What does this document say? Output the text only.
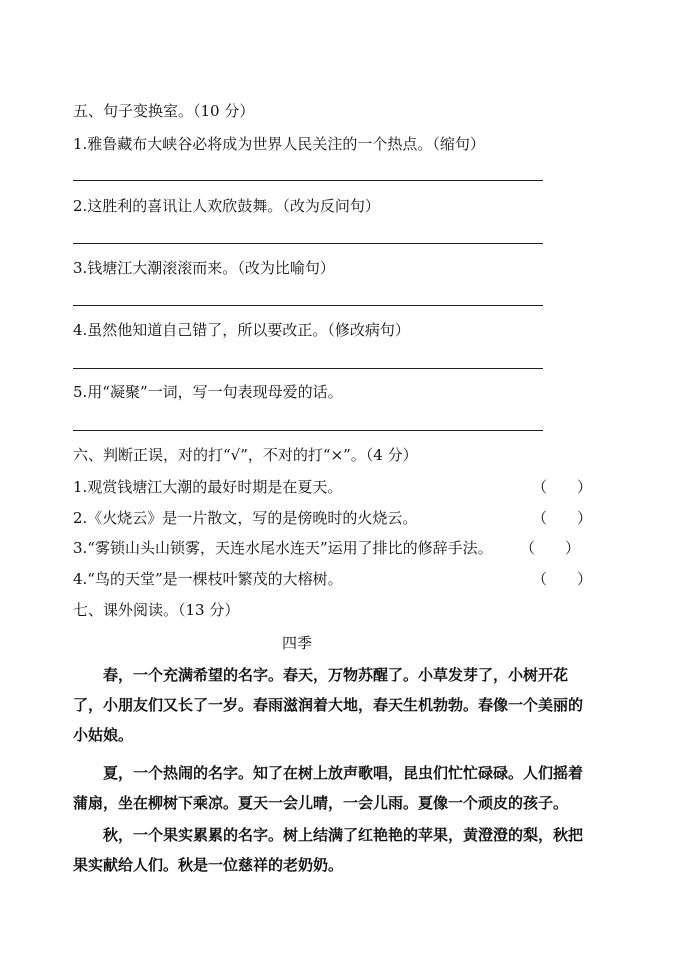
五、句子变换室。（10 分）
1.雅鲁藏布大峡谷必将成为世界人民关注的一个热点。（缩句）
2.这胜利的喜讯让人欢欣鼓舞。（改为反问句）
3.钱塘江大潮滚滚而来。（改为比喻句）
4.虽然他知道自己错了，所以要改正。（修改病句）
5.用“凝聚”一词，写一句表现母爱的话。
六、判断正误，对的打“√”，不对的打“×”。（4 分）
1.观赏钱塘江大潮的最好时期是在夏天。	（　　）
2.《火烧云》是一片散文，写的是傍晚时的火烧云。	（　　）
3.“雾锁山头山锁雾，天连水尾水连天”运用了排比的修辞手法。 （　　）
4.“鸟的天堂”是一棵枝叶繁茂的大榕树。	（　　）
七、课外阅读。（13 分）
四季
春，一个充满希望的名字。春天，万物苏醒了。小草发芽了，小树开花了，小朋友们又长了一岁。春雨滋润着大地，春天生机勃勃。春像一个美丽的小姑娘。
夏，一个热闹的名字。知了在树上放声歌唱，昆虫们忙忙碌碌。人们摇着蒲扇，坐在柳树下乘凉。夏天一会儿晴，一会儿雨。夏像一个顽皮的孩子。
秋，一个果实累累的名字。树上结满了红艳艳的苹果，黄澄澄的梨，秋把果实献给人们。秋是一位慈祥的老奶奶。
